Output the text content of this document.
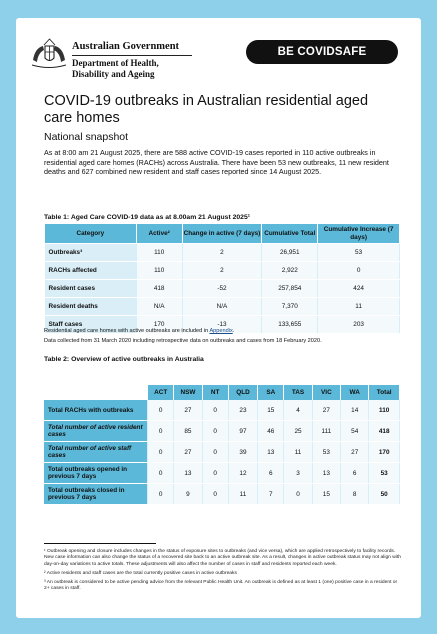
Australian Government
Department of Health,
Disability and Ageing
BE COVIDSAFE
COVID-19 outbreaks in Australian residential aged care homes
National snapshot
As at 8:00 am 21 August 2025, there are 588 active COVID-19 cases reported in 110 active outbreaks in residential aged care homes (RACHs) across Australia. There have been 53 new outbreaks, 11 new resident deaths and 627 combined new resident and staff cases reported since 14 August 2025.
Table 1: Aged Care COVID-19 data as at 8.00am 21 August 2025¹
Category	Active²	Change in active (7 days)	Cumulative Total	Cumulative Increase (7 days)
Outbreaks³	110	2	26,951	53
RACHs affected	110	2	2,922	0
Resident cases	418	-52	257,854	424
Resident deaths	N/A	N/A	7,370	11
Staff cases	170	-13	133,655	203
Residential aged care homes with active outbreaks are included in Appendix.
Data collected from 31 March 2020 including retrospective data on outbreaks and cases from 18 February 2020.
Table 2: Overview of active outbreaks in Australia
	ACT	NSW	NT	QLD	SA	TAS	VIC	WA	Total
Total RACHs with outbreaks	0	27	0	23	15	4	27	14	110
Total number of active resident cases	0	85	0	97	46	25	111	54	418
Total number of active staff cases	0	27	0	39	13	11	53	27	170
Total outbreaks opened in previous 7 days	0	13	0	12	6	3	13	6	53
Total outbreaks closed in previous 7 days	0	9	0	11	7	0	15	8	50

¹ Outbreak opening and closure includes changes in the status of exposure sites to outbreaks (and vice versa), which are applied retrospectively to facility records. New case information can also change the status of a recovered site back to an active outbreak site. As a result, changes in active outbreak status may not align with day-on-day variations to active totals. These adjustments will also affect the number of cases in staff and residents reported each week.

² Active residents and staff cases are the total currently positive cases in active outbreaks

³ An outbreak is considered to be active pending advice from the relevant Public Health Unit. An outbreak is defined as at least 1 (one) positive case in a resident or 2+ cases in staff.
